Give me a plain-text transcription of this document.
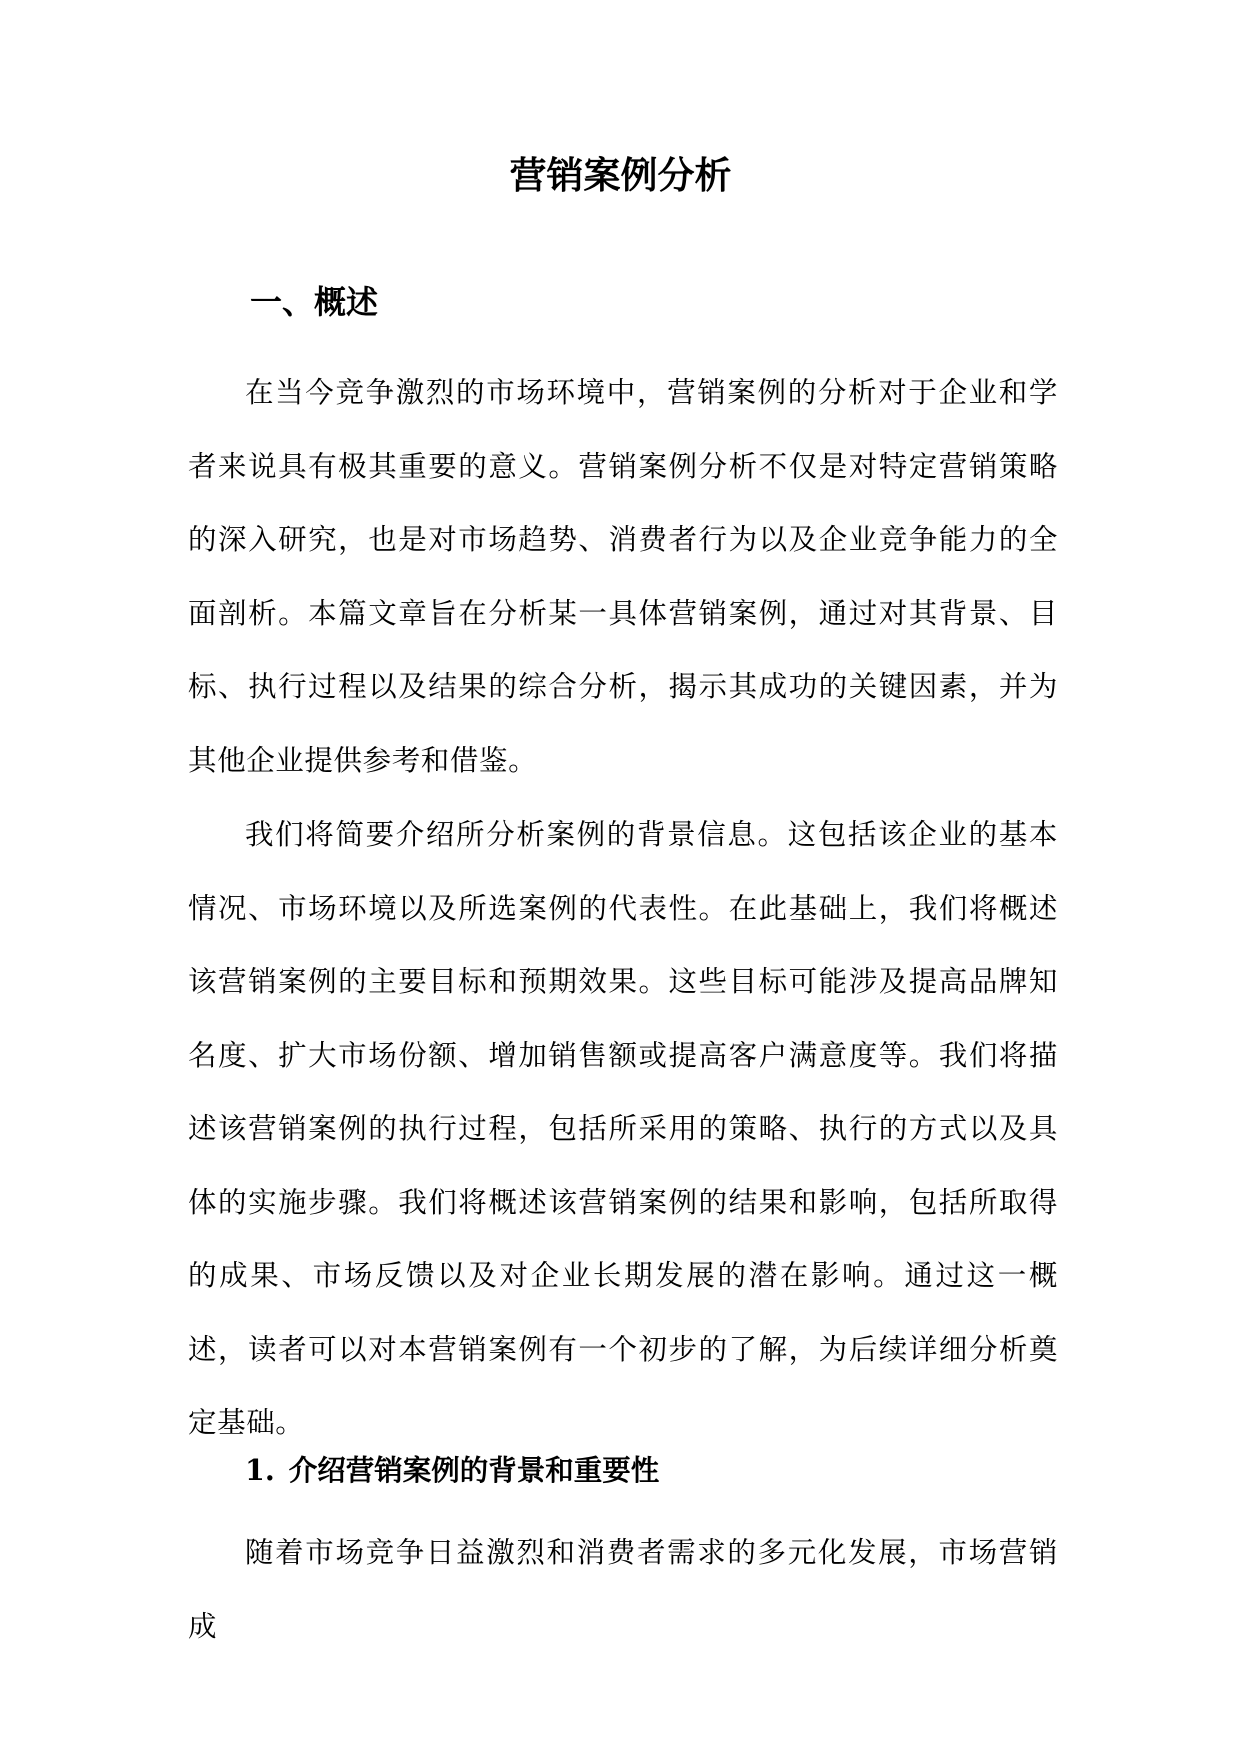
营销案例分析
一、概述

在当今竞争激烈的市场环境中，营销案例的分析对于企业和学者来说具有极其重要的意义。营销案例分析不仅是对特定营销策略的深入研究，也是对市场趋势、消费者行为以及企业竞争能力的全面剖析。本篇文章旨在分析某一具体营销案例，通过对其背景、目标、执行过程以及结果的综合分析，揭示其成功的关键因素，并为其他企业提供参考和借鉴。

我们将简要介绍所分析案例的背景信息。这包括该企业的基本情况、市场环境以及所选案例的代表性。在此基础上，我们将概述该营销案例的主要目标和预期效果。这些目标可能涉及提高品牌知名度、扩大市场份额、增加销售额或提高客户满意度等。我们将描述该营销案例的执行过程，包括所采用的策略、执行的方式以及具体的实施步骤。我们将概述该营销案例的结果和影响，包括所取得的成果、市场反馈以及对企业长期发展的潜在影响。通过这一概述，读者可以对本营销案例有一个初步的了解，为后续详细分析奠定基础。

1. 介绍营销案例的背景和重要性

随着市场竞争日益激烈和消费者需求的多元化发展，市场营销成
